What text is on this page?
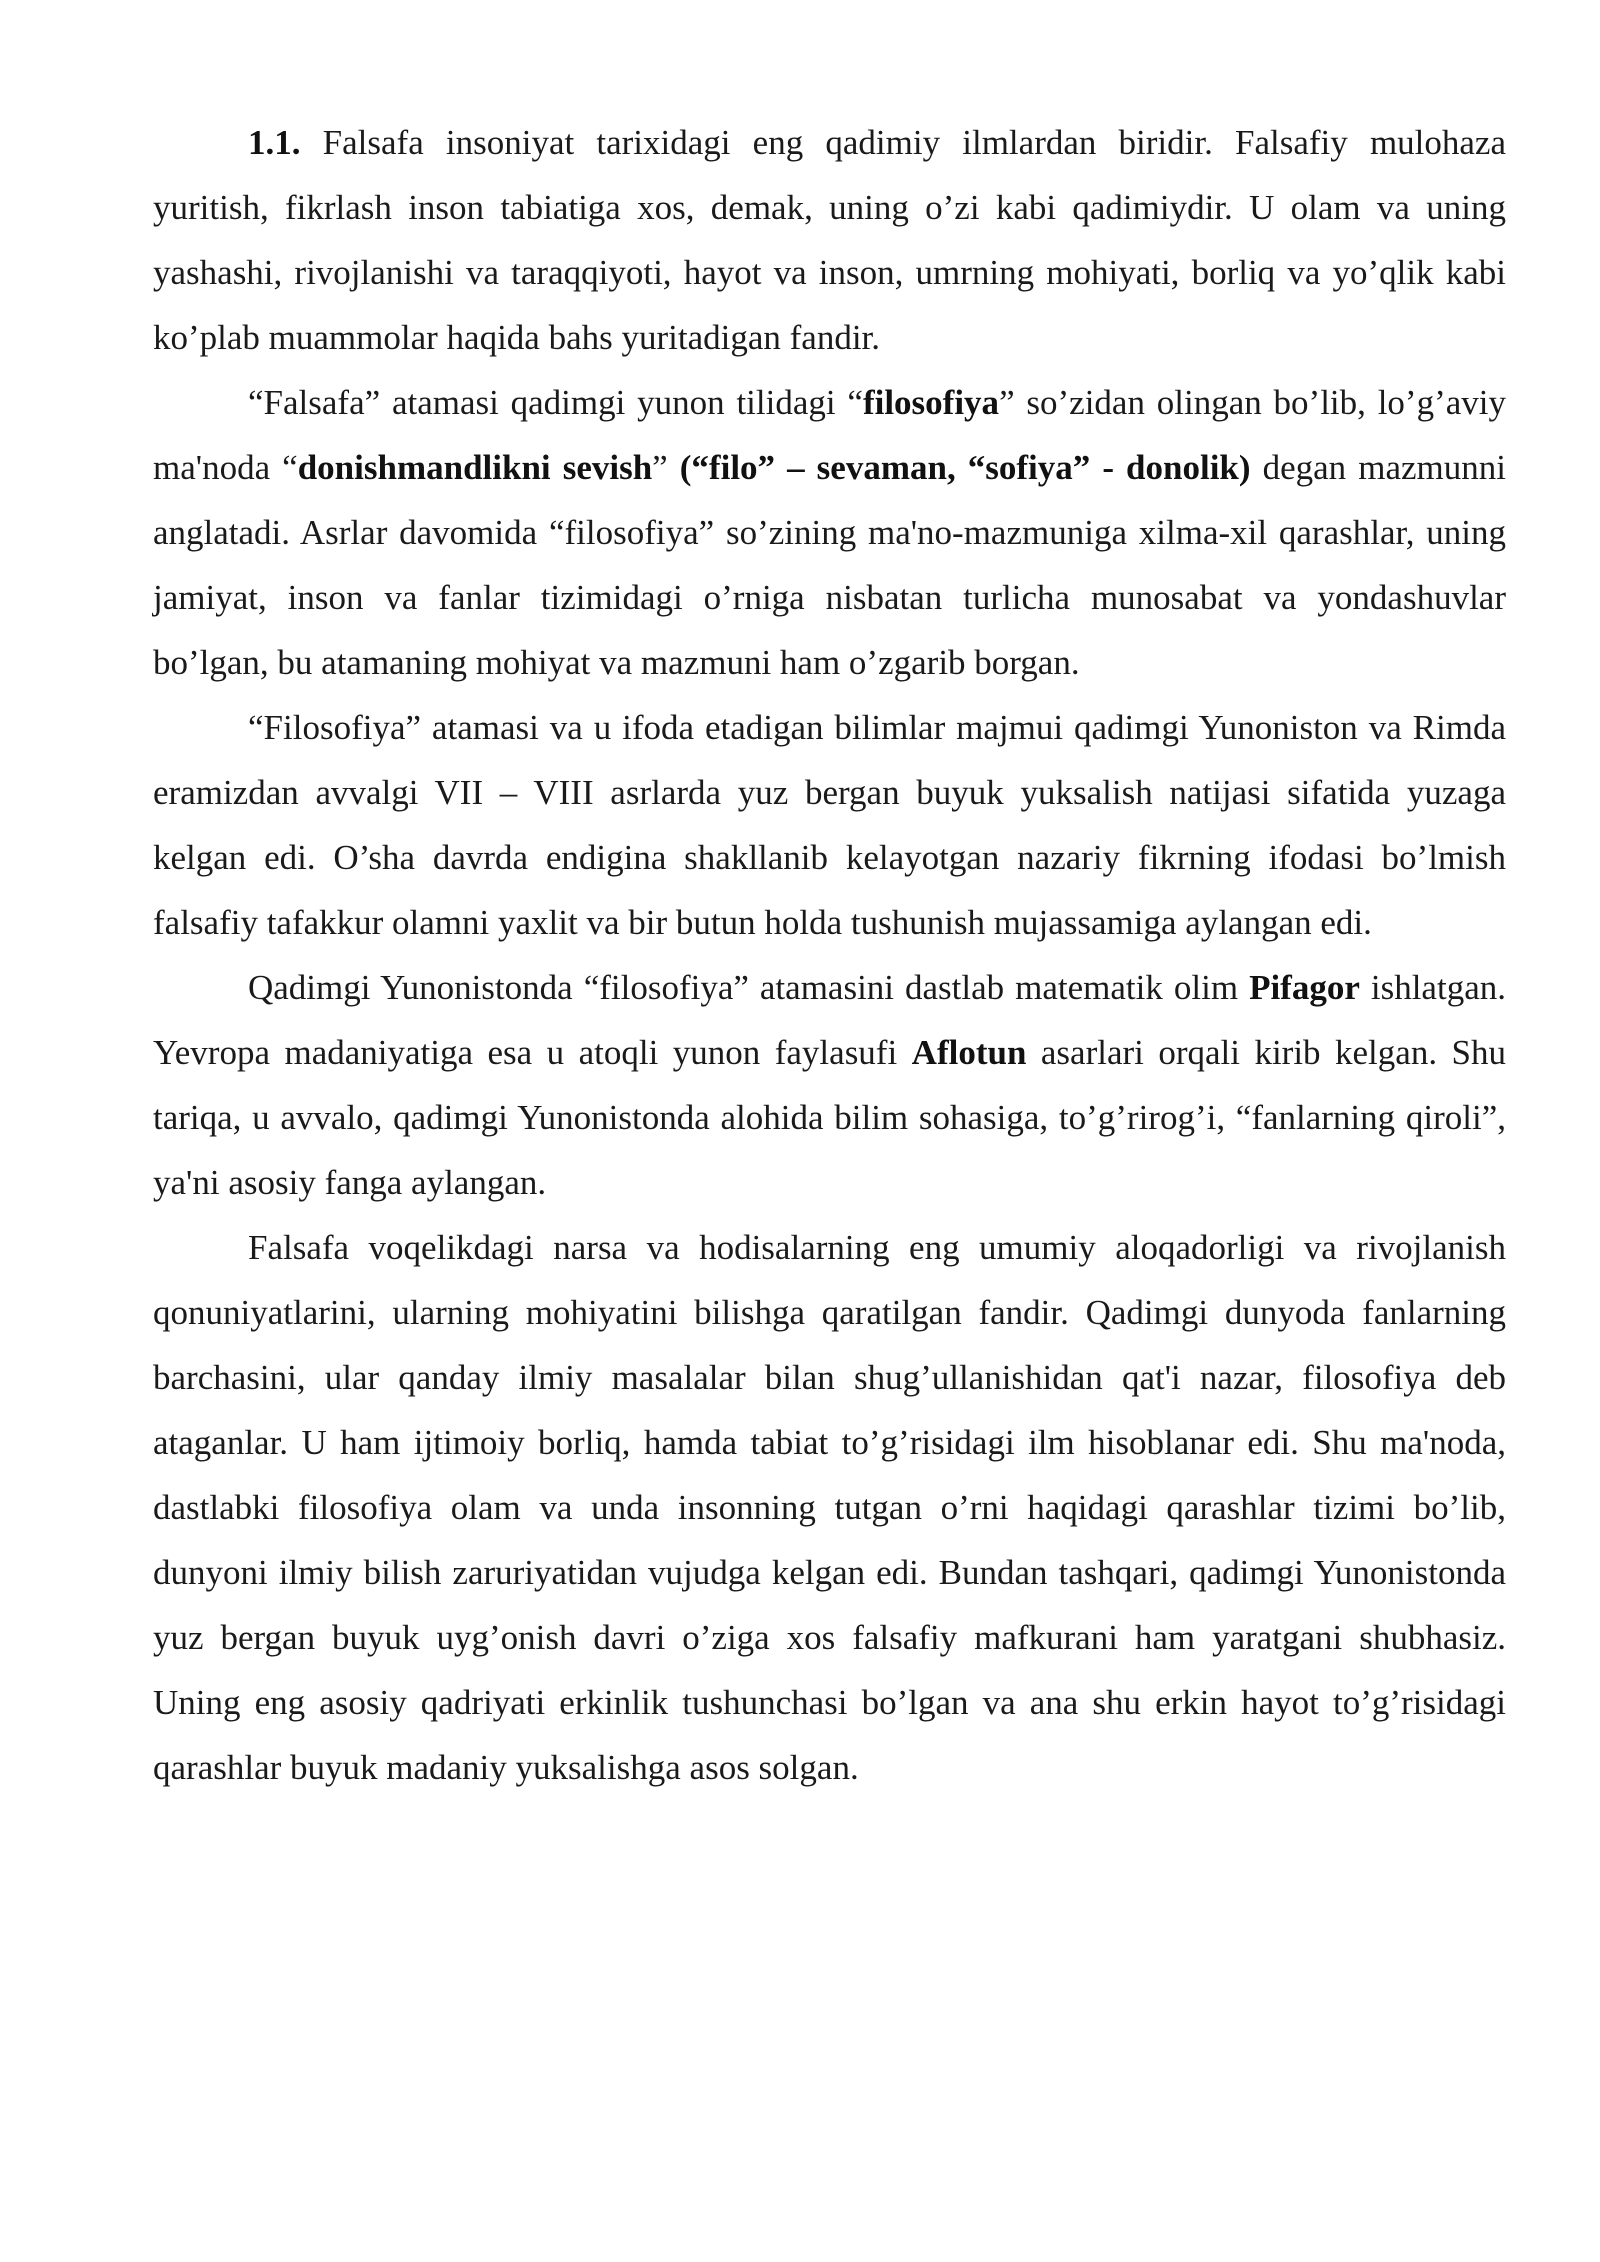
1.1. Falsafa insoniyat tarixidagi eng qadimiy ilmlardan biridir. Falsafiy mulohaza yuritish, fikrlash inson tabiatiga xos, demak, uning o’zi kabi qadimiydir. U olam va uning yashashi, rivojlanishi va taraqqiyoti, hayot va inson, umrning mohiyati, borliq va yo’qlik kabi ko’plab muammolar haqida bahs yuritadigan fandir.

“Falsafa” atamasi qadimgi yunon tilidagi “filosofiya” so’zidan olingan bo’lib, lo’g’aviy ma'noda “donishmandlikni sevish” (“filo” – sevaman, “sofiya” - donolik) degan mazmunni anglatadi. Asrlar davomida “filosofiya” so’zining ma'no-mazmuniga xilma-xil qarashlar, uning jamiyat, inson va fanlar tizimidagi o’rniga nisbatan turlicha munosabat va yondashuvlar bo’lgan, bu atamaning mohiyat va mazmuni ham o’zgarib borgan.

“Filosofiya” atamasi va u ifoda etadigan bilimlar majmui qadimgi Yunoniston va Rimda eramizdan avvalgi VII – VIII asrlarda yuz bergan buyuk yuksalish natijasi sifatida yuzaga kelgan edi. O’sha davrda endigina shakllanib kelayotgan nazariy fikrning ifodasi bo’lmish falsafiy tafakkur olamni yaxlit va bir butun holda tushunish mujassamiga aylangan edi.

Qadimgi Yunonistonda “filosofiya” atamasini dastlab matematik olim Pifagor ishlatgan. Yevropa madaniyatiga esa u atoqli yunon faylasufi Aflotun asarlari orqali kirib kelgan. Shu tariqa, u avvalo, qadimgi Yunonistonda alohida bilim sohasiga, to’g’rirog’i, “fanlarning qiroli”, ya'ni asosiy fanga aylangan.

Falsafa voqelikdagi narsa va hodisalarning eng umumiy aloqadorligi va rivojlanish qonuniyatlarini, ularning mohiyatini bilishga qaratilgan fandir. Qadimgi dunyoda fanlarning barchasini, ular qanday ilmiy masalalar bilan shug’ullanishidan qat'i nazar, filosofiya deb ataganlar. U ham ijtimoiy borliq, hamda tabiat to’g’risidagi ilm hisoblanar edi. Shu ma'noda, dastlabki filosofiya olam va unda insonning tutgan o’rni haqidagi qarashlar tizimi bo’lib, dunyoni ilmiy bilish zaruriyatidan vujudga kelgan edi. Bundan tashqari, qadimgi Yunonistonda yuz bergan buyuk uyg’onish davri o’ziga xos falsafiy mafkurani ham yaratgani shubhasiz. Uning eng asosiy qadriyati erkinlik tushunchasi bo’lgan va ana shu erkin hayot to’g’risidagi qarashlar buyuk madaniy yuksalishga asos solgan.
